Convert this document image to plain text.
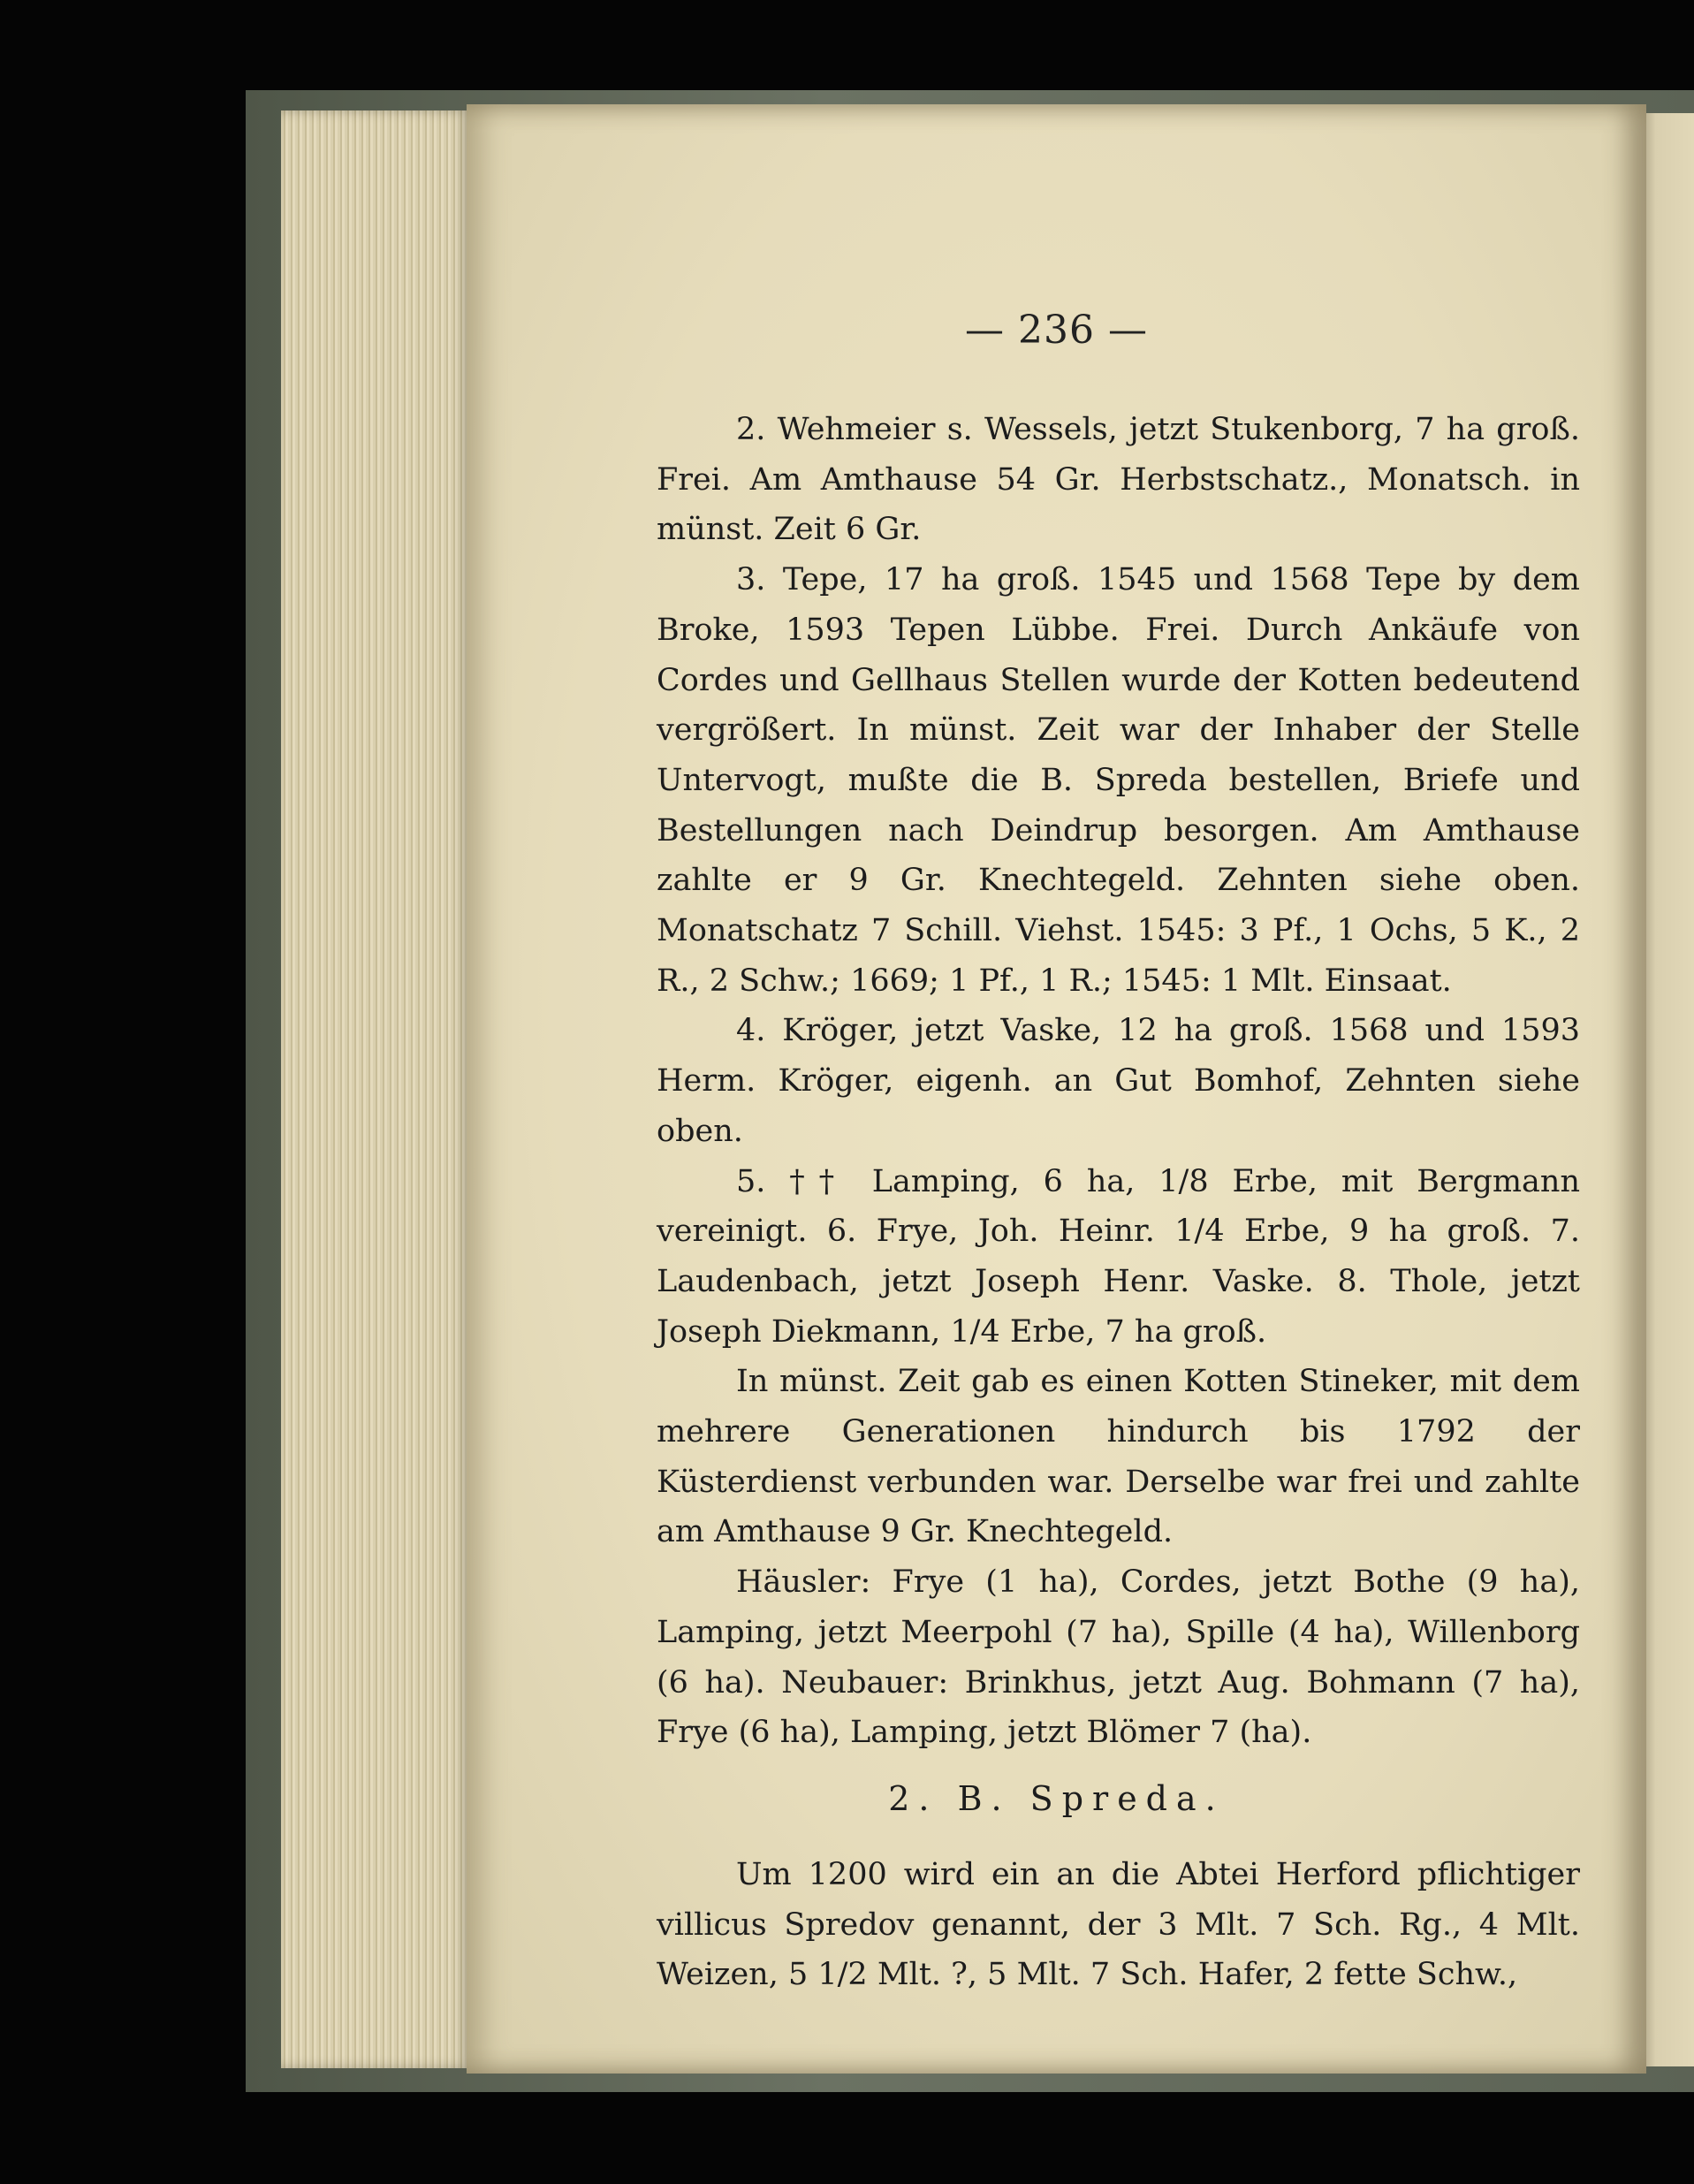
— 236 —

2. Wehmeier s. Wessels, jetzt Stukenborg, 7 ha groß. Frei. Am Amthause 54 Gr. Herbstschatz., Monatsch. in münst. Zeit 6 Gr.

3. Tepe, 17 ha groß. 1545 und 1568 Tepe by dem Broke, 1593 Tepen Lübbe. Frei. Durch Ankäufe von Cordes und Gellhaus Stellen wurde der Kotten bedeutend vergrößert. In münst. Zeit war der Inhaber der Stelle Untervogt, mußte die B. Spreda bestellen, Briefe und Bestellungen nach Deindrup besorgen. Am Amthause zahlte er 9 Gr. Knechtegeld. Zehnten siehe oben. Monatschatz 7 Schill. Viehst. 1545: 3 Pf., 1 Ochs, 5 K., 2 R., 2 Schw.; 1669; 1 Pf., 1 R.; 1545: 1 Mlt. Einsaat.

4. Kröger, jetzt Vaske, 12 ha groß. 1568 und 1593 Herm. Kröger, eigenh. an Gut Bomhof, Zehnten siehe oben.

5. †† Lamping, 6 ha, 1/8 Erbe, mit Bergmann vereinigt. 6. Frye, Joh. Heinr. 1/4 Erbe, 9 ha groß. 7. Laudenbach, jetzt Joseph Henr. Vaske. 8. Thole, jetzt Joseph Diekmann, 1/4 Erbe, 7 ha groß.

In münst. Zeit gab es einen Kotten Stineker, mit dem mehrere Generationen hindurch bis 1792 der Küsterdienst verbunden war. Derselbe war frei und zahlte am Amthause 9 Gr. Knechtegeld.

Häusler: Frye (1 ha), Cordes, jetzt Bothe (9 ha), Lamping, jetzt Meerpohl (7 ha), Spille (4 ha), Willenborg (6 ha). Neubauer: Brinkhus, jetzt Aug. Bohmann (7 ha), Frye (6 ha), Lamping, jetzt Blömer 7 (ha).

2. B. Spreda.

Um 1200 wird ein an die Abtei Herford pflichtiger villicus Spredov genannt, der 3 Mlt. 7 Sch. Rg., 4 Mlt. Weizen, 5 1/2 Mlt. ?, 5 Mlt. 7 Sch. Hafer, 2 fette Schw.,
